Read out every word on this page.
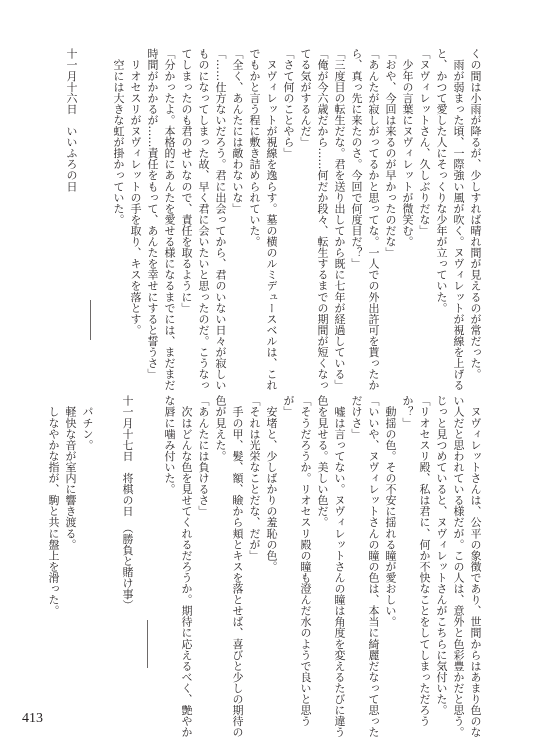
くの間は小雨が降るが、少しすれば晴れ間が見えるのが常だった。
　雨が弱まった頃、一際強い風が吹く。ヌヴィレットが視線を上げる
と、かつて愛した人にそっくりな少年が立っていた。
「ヌヴィレットさん、久しぶりだな」
　少年の言葉にヌヴィレットが微笑む。
「おや、今回は来るのが早かったのだな」
「あんたが寂しがってるかと思ってな。一人での外出許可を貰ったか
ら、真っ先に来たのさ。今回で何度目だ？」
「三度目の転生だな。君を送り出してから既に七年が経過している」
「俺が今六歳だから……何だか段々、転生するまでの期間が短くなっ
てる気がするんだ」
「さて何のことやら」
　ヌヴィレットが視線を逸らす。墓の横のルミデュースベルは、これ
でもかと言う程に敷き詰められていた。
「全く、あんたには敵わないな」
「……仕方ないだろう。君に出会ってから、君のいない日々が寂しい
ものになってしまった故、早く君に会いたいと思ったのだ。こうなっ
てしまったのも君のせいなので、責任を取るように」
「分かったよ。本格的にあんたを愛せる様になるまでには、まだまだ
時間がかかるが……責任をもって、あんたを幸せにすると誓うさ」
　リオセスリがヌヴィレットの手を取り、キスを落とす。
　空には大きな虹が掛かっていた。
十一月十六日　いいふろの日
　ヌヴィレットさんは、公平の象徴であり、世間からはあまり色のな
い人だと思われている様だが。この人は、意外と色彩豊かだと思う。
じっと見つめていると、ヌヴィレットさんがこちらに気付いた。
「リオセスリ殿、私は君に、何か不快なことをしてしまっただろう
か？」
　動揺の色。その不安に揺れる瞳が愛おしい。
「いいや、ヌヴィレットさんの瞳の色は、本当に綺麗だなって思った
だけさ」
　嘘は言ってない。ヌヴィレットさんの瞳は角度を変えるたびに違う
色を見せる。美しい色だ。
「そうだろうか。リオセスリ殿の瞳も澄んだ水のようで良いと思う
が」
　安堵と、少しばかりの羞恥の色。
「それは光栄なことだな、だが」
　手の甲、髪、額、瞼から頬とキスを落とせば、喜びと少しの期待の
色が見えた。
「あんたには負けるさ」
　次はどんな色を見せてくれるだろうか。期待に応えるべく、艶やか
な唇に噛み付いた。
十一月十七日　将棋の日　（勝負と賭け事）
　パチン。
　軽快な音が室内に響き渡る。
　しなやかな指が、駒と共に盤上を滑った。
413
